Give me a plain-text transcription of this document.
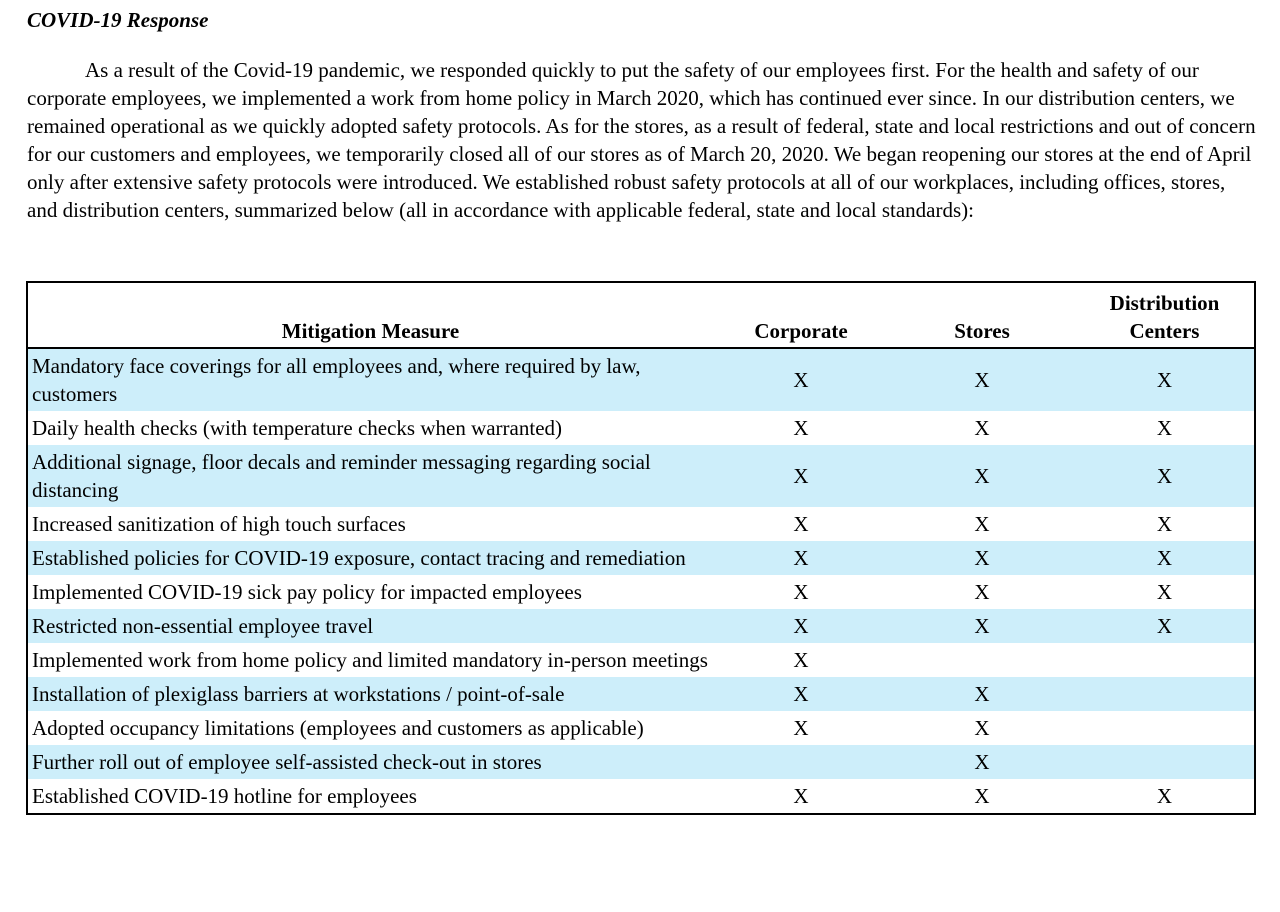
COVID-19 Response

As a result of the Covid-19 pandemic, we responded quickly to put the safety of our employees first. For the health and safety of our corporate employees, we implemented a work from home policy in March 2020, which has continued ever since. In our distribution centers, we remained operational as we quickly adopted safety protocols. As for the stores, as a result of federal, state and local restrictions and out of concern for our customers and employees, we temporarily closed all of our stores as of March 20, 2020. We began reopening our stores at the end of April only after extensive safety protocols were introduced. We established robust safety protocols at all of our workplaces, including offices, stores, and distribution centers, summarized below (all in accordance with applicable federal, state and local standards):

Mitigation Measure	Corporate	Stores	Distribution
Centers
Mandatory face coverings for all employees and, where required by law, customers	X	X	X
Daily health checks (with temperature checks when warranted)	X	X	X
Additional signage, floor decals and reminder messaging regarding social distancing	X	X	X
Increased sanitization of high touch surfaces	X	X	X
Established policies for COVID-19 exposure, contact tracing and remediation	X	X	X
Implemented COVID-19 sick pay policy for impacted employees	X	X	X
Restricted non-essential employee travel	X	X	X
Implemented work from home policy and limited mandatory in-person meetings	X		
Installation of plexiglass barriers at workstations / point-of-sale	X	X	
Adopted occupancy limitations (employees and customers as applicable)	X	X	
Further roll out of employee self-assisted check-out in stores		X	
Established COVID-19 hotline for employees	X	X	X
